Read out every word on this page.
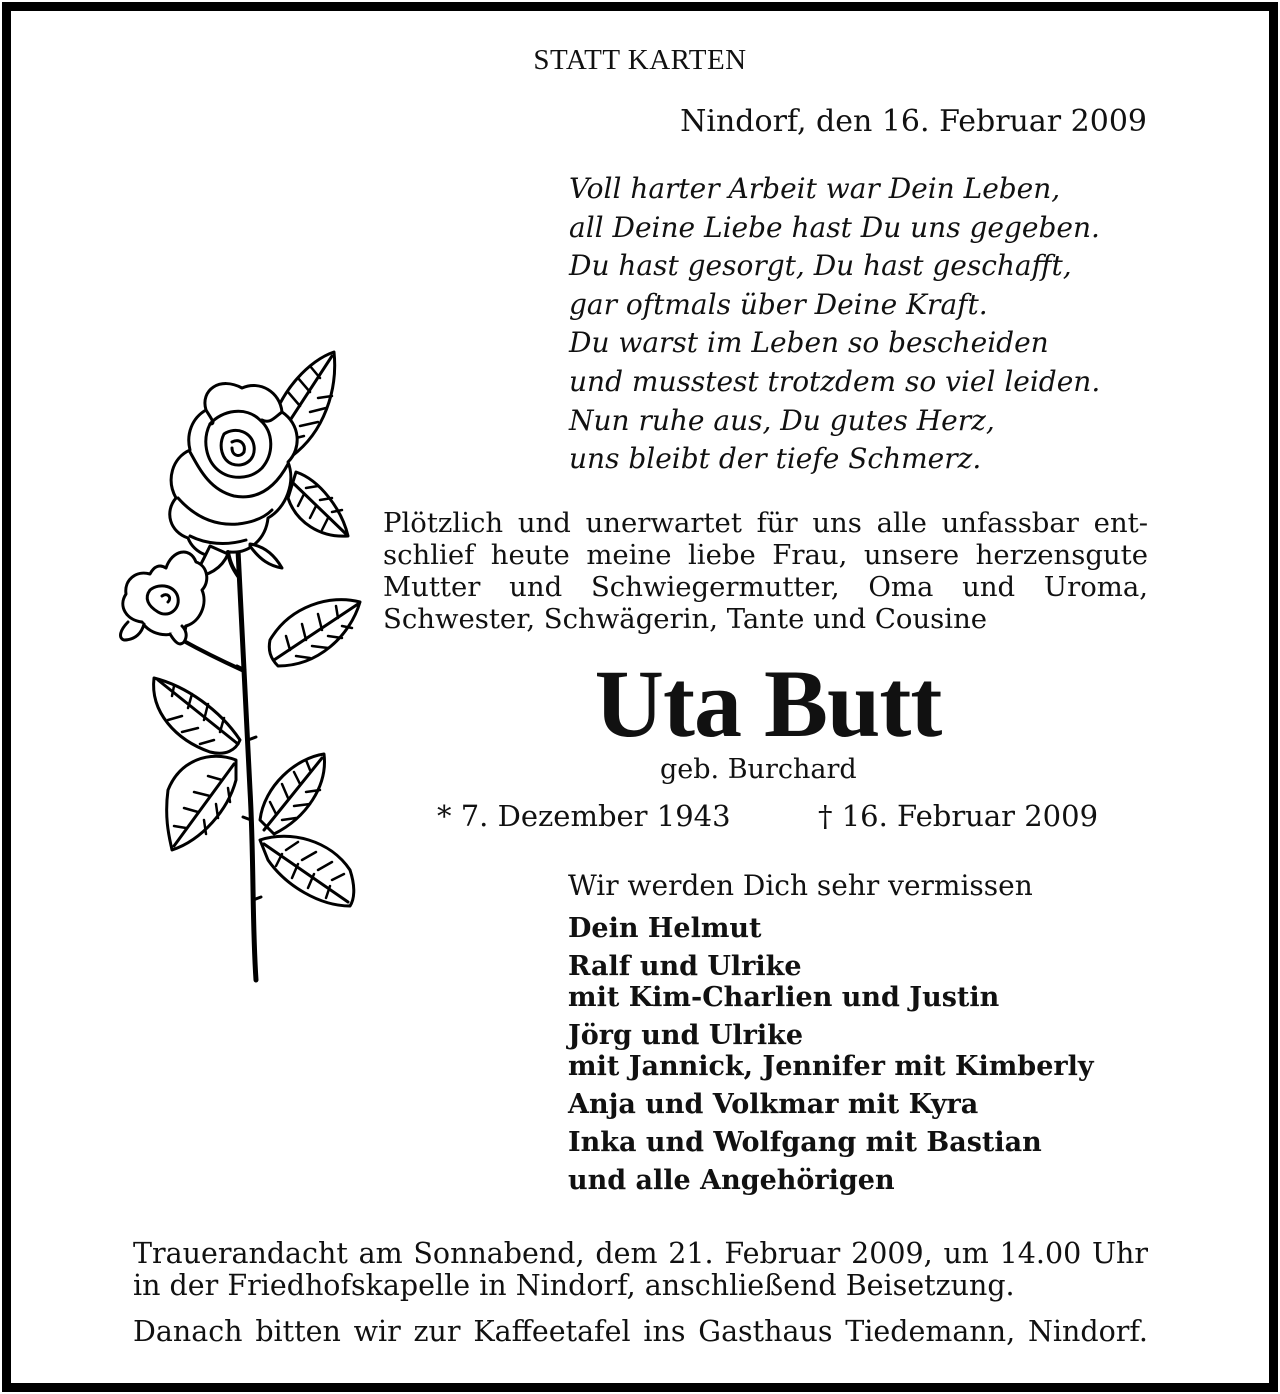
STATT KARTEN
Nindorf, den 16. Februar 2009
Voll harter Arbeit war Dein Leben,
all Deine Liebe hast Du uns gegeben.
Du hast gesorgt, Du hast geschafft,
gar oftmals über Deine Kraft.
Du warst im Leben so bescheiden
und musstest trotzdem so viel leiden.
Nun ruhe aus, Du gutes Herz,
uns bleibt der tiefe Schmerz.
Plötzlich und unerwartet für uns alle unfassbar ent-
schlief heute meine liebe Frau, unsere herzensgute
Mutter und Schwiegermutter, Oma und Uroma,
Schwester, Schwägerin, Tante und Cousine
Uta Butt
geb. Burchard
* 7. Dezember 1943	† 16. Februar 2009
Wir werden Dich sehr vermissen
Dein Helmut
Ralf und Ulrike
mit Kim-Charlien und Justin
Jörg und Ulrike
mit Jannick, Jennifer mit Kimberly
Anja und Volkmar mit Kyra
Inka und Wolfgang mit Bastian
und alle Angehörigen
Trauerandacht am Sonnabend, dem 21. Februar 2009, um 14.00 Uhr
in der Friedhofskapelle in Nindorf, anschließend Beisetzung.
Danach bitten wir zur Kaffeetafel ins Gasthaus Tiedemann, Nindorf.
